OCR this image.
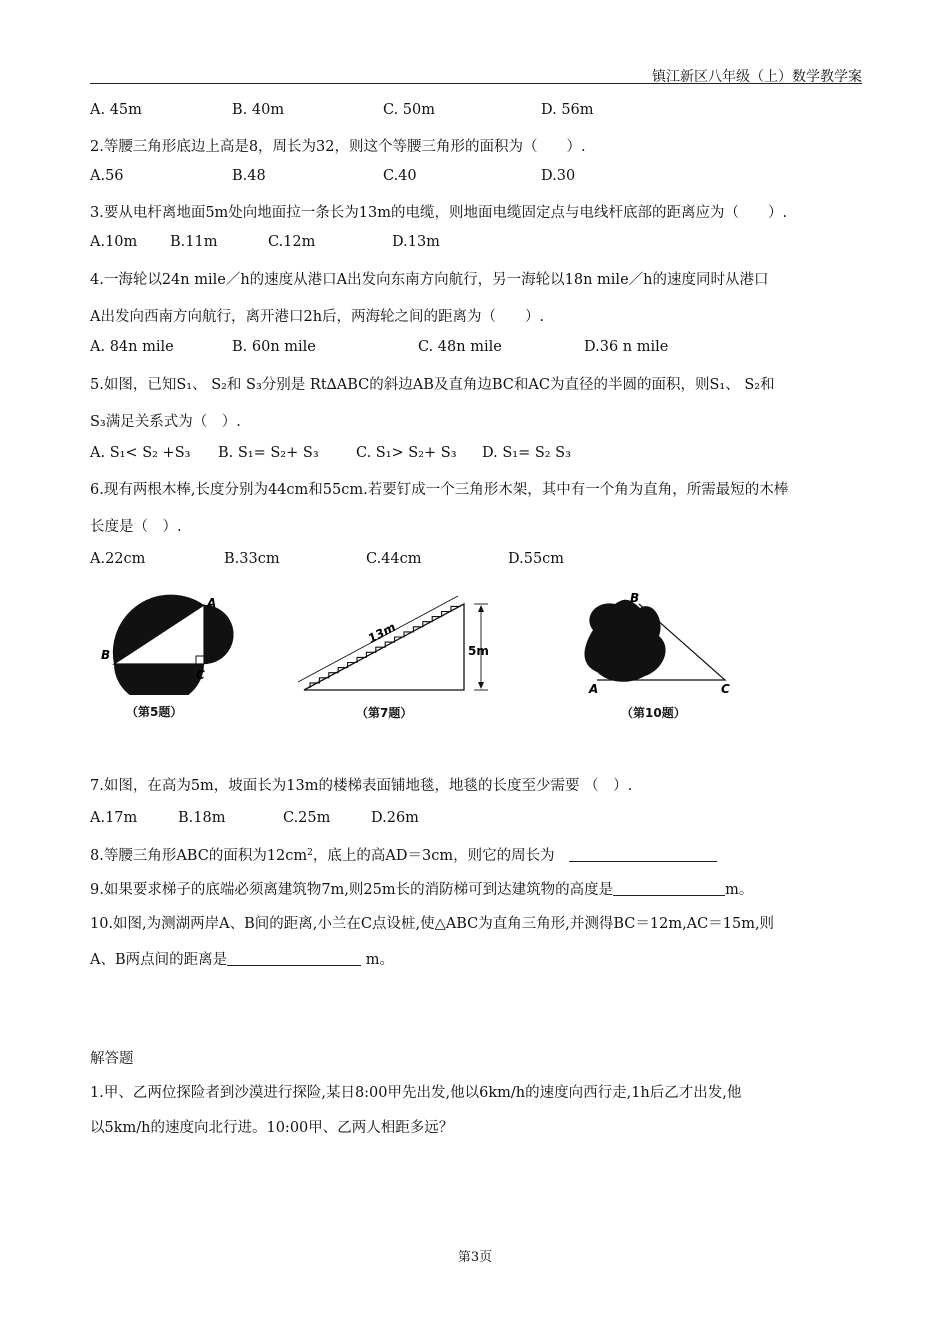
镇江新区八年级（上）数学教学案
A. 45m	B. 40m	C. 50m	D. 56m
2.等腰三角形底边上高是8，周长为32，则这个等腰三角形的面积为（　　）.
A.56	B.48	C.40	D.30
3.要从电杆离地面5m处向地面拉一条长为13m的电缆，则地面电缆固定点与电线杆底部的距离应为（　　）.
A.10m B.11m	C.12m	D.13m
4.一海轮以24n mile／h的速度从港口A出发向东南方向航行，另一海轮以18n mile／h的速度同时从港口
A出发向西南方向航行，离开港口2h后，两海轮之间的距离为（　　）.
A. 84n mile	B. 60n mile	C. 48n mile	D.36 n mile
5.如图，已知S₁、 S₂和 S₃分别是 Rt∆ABC的斜边AB及直角边BC和AC为直径的半圆的面积，则S₁、 S₂和
S₃满足关系式为（　）.
A. S₁< S₂ +S₃ B. S₁= S₂+ S₃	C. S₁> S₂+ S₃ D. S₁= S₂ S₃
6.现有两根木棒,长度分别为44cm和55cm.若要钉成一个三角形木架，其中有一个角为直角，所需最短的木棒
长度是（　）.
A.22cm	B.33cm	C.44cm	D.55cm
A
B
C
（第5题）
13m
5m
（第7题）
B
A	C
（第10题）
7.如图，在高为5m，坡面长为13m的楼梯表面铺地毯，地毯的长度至少需要 （　）.
A.17m	B.18m	C.25m	D.26m
8.等腰三角形ABC的面积为$12cm^2$，底上的高AD＝3cm，则它的周长为
9.如果要求梯子的底端必须离建筑物7m,则25m长的消防梯可到达建筑物的高度是	m。
10.如图,为测湖两岸A、B间的距离,小兰在C点设桩,使△ABC为直角三角形,并测得BC＝12m,AC＝15m,则
A、B两点间的距离是	m。
解答题
1.甲、乙两位探险者到沙漠进行探险,某日8:00甲先出发,他以6km/h的速度向西行走,1h后乙才出发,他
以5km/h的速度向北行进。10:00甲、乙两人相距多远？
第3页
